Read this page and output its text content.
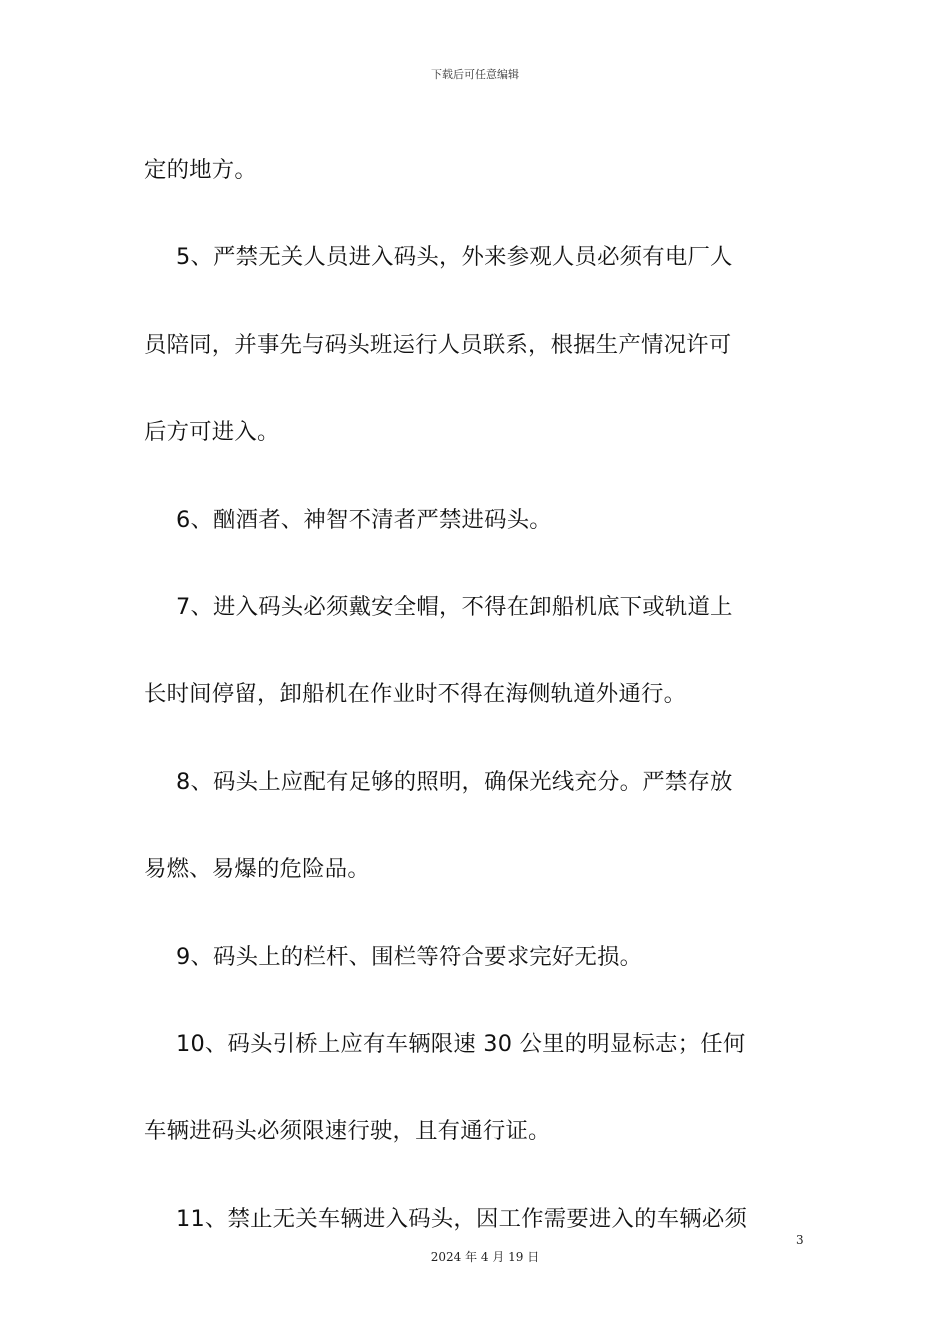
下载后可任意编辑

定的地方。

5、严禁无关人员进入码头，外来参观人员必须有电厂人

员陪同，并事先与码头班运行人员联系，根据生产情况许可

后方可进入。

6、酗酒者、神智不清者严禁进码头。

7、进入码头必须戴安全帽，不得在卸船机底下或轨道上

长时间停留，卸船机在作业时不得在海侧轨道外通行。

8、码头上应配有足够的照明，确保光线充分。严禁存放

易燃、易爆的危险品。

9、码头上的栏杆、围栏等符合要求完好无损。

10、码头引桥上应有车辆限速 30 公里的明显标志；任何

车辆进码头必须限速行驶，且有通行证。

11、禁止无关车辆进入码头，因工作需要进入的车辆必须

3
2024 年 4 月 19 日
